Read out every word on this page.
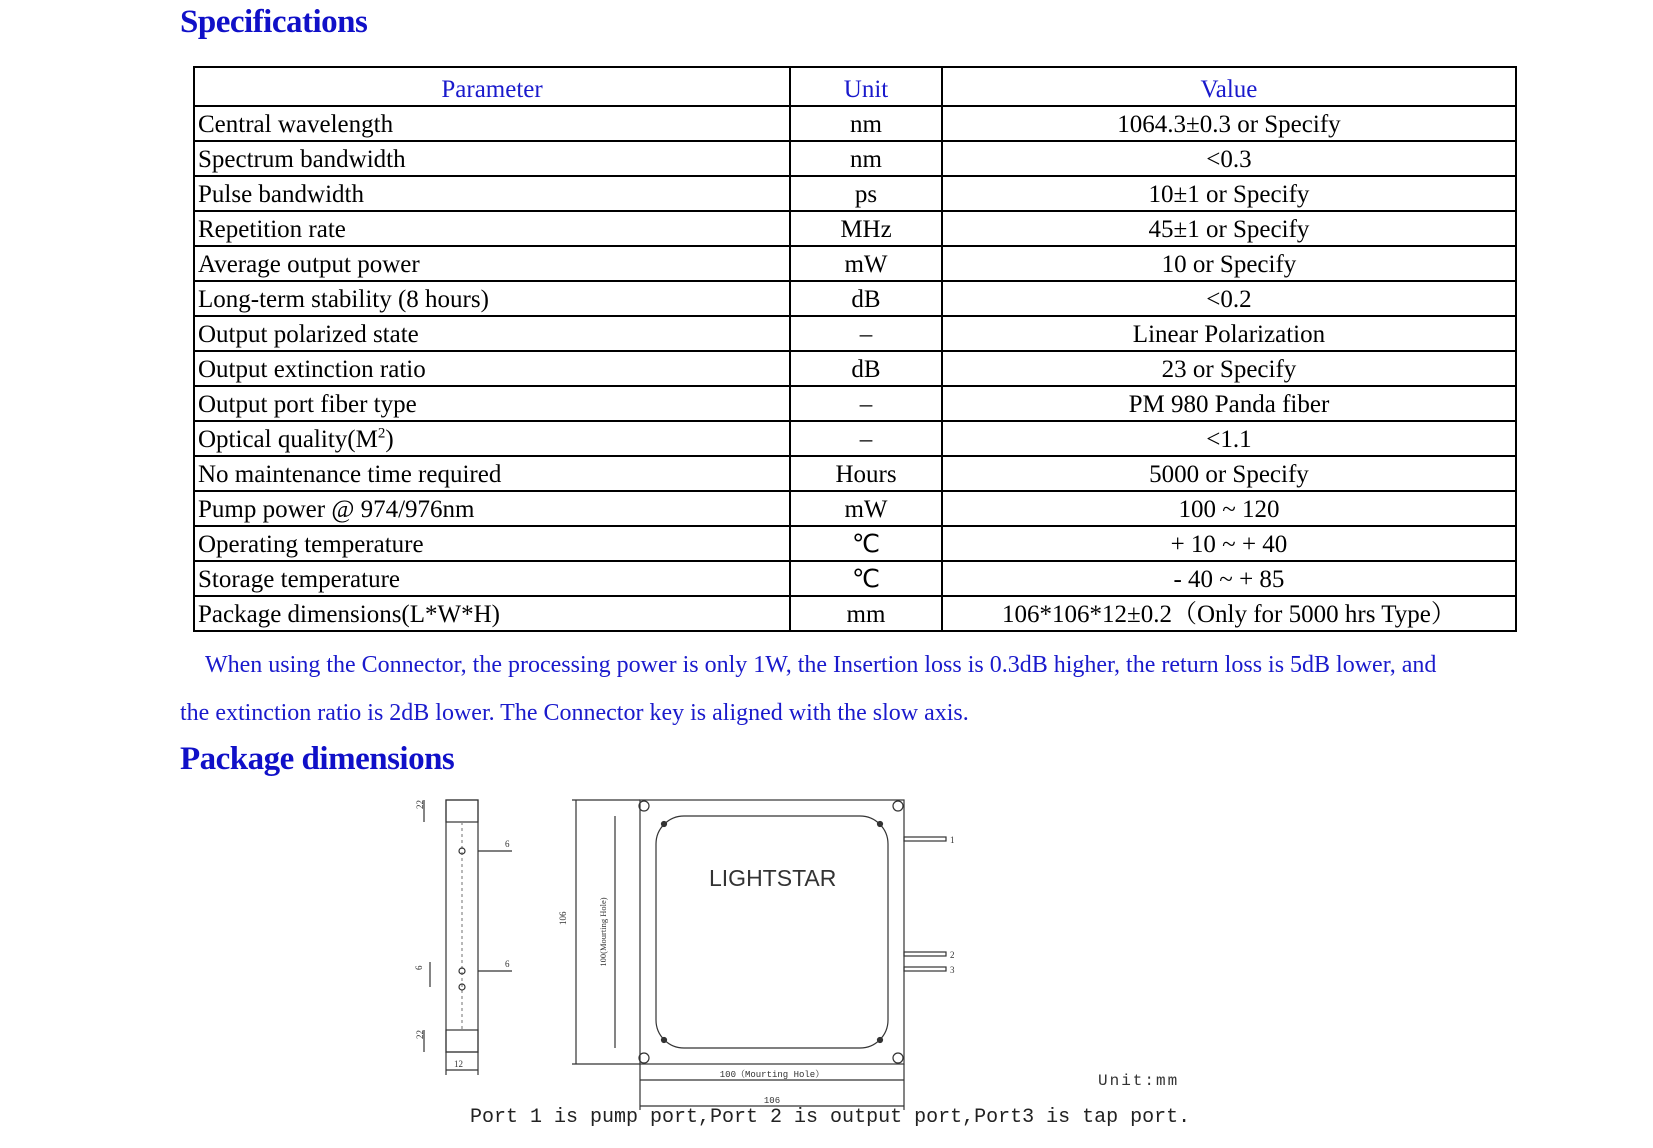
Specifications
Parameter	Unit	Value
Central wavelength	nm	1064.3±0.3 or Specify
Spectrum bandwidth	nm	<0.3
Pulse bandwidth	ps	10±1 or Specify
Repetition rate	MHz	45±1 or Specify
Average output power	mW	10 or Specify
Long-term stability (8 hours)	dB	<0.2
Output polarized state	–	Linear Polarization
Output extinction ratio	dB	23 or Specify
Output port fiber type	–	PM 980 Panda fiber
Optical $quality(M^2)$	–	<1.1
No maintenance time required	Hours	5000 or Specify
Pump power @ 974/976nm	mW	100 ~ 120
Operating temperature	℃	+ 10 ~ + 40
Storage temperature	℃	- 40 ~ + 85
Package dimensions(L*W*H)	mm	106*106*12±0.2（Only for 5000 hrs Type）
When using the Connector, the processing power is only 1W, the Insertion loss is 0.3dB higher, the return loss is 5dB lower, and
the extinction ratio is 2dB lower. The Connector key is aligned with the slow axis.
Package dimensions
22
6
6	6
22
12
LIGHTSTAR
106	100(Mourting Hole)
100（Mourting Hole）
106
1
2
3
Unit:mm
Port 1 is pump port,Port 2 is output port,Port3 is tap port.
